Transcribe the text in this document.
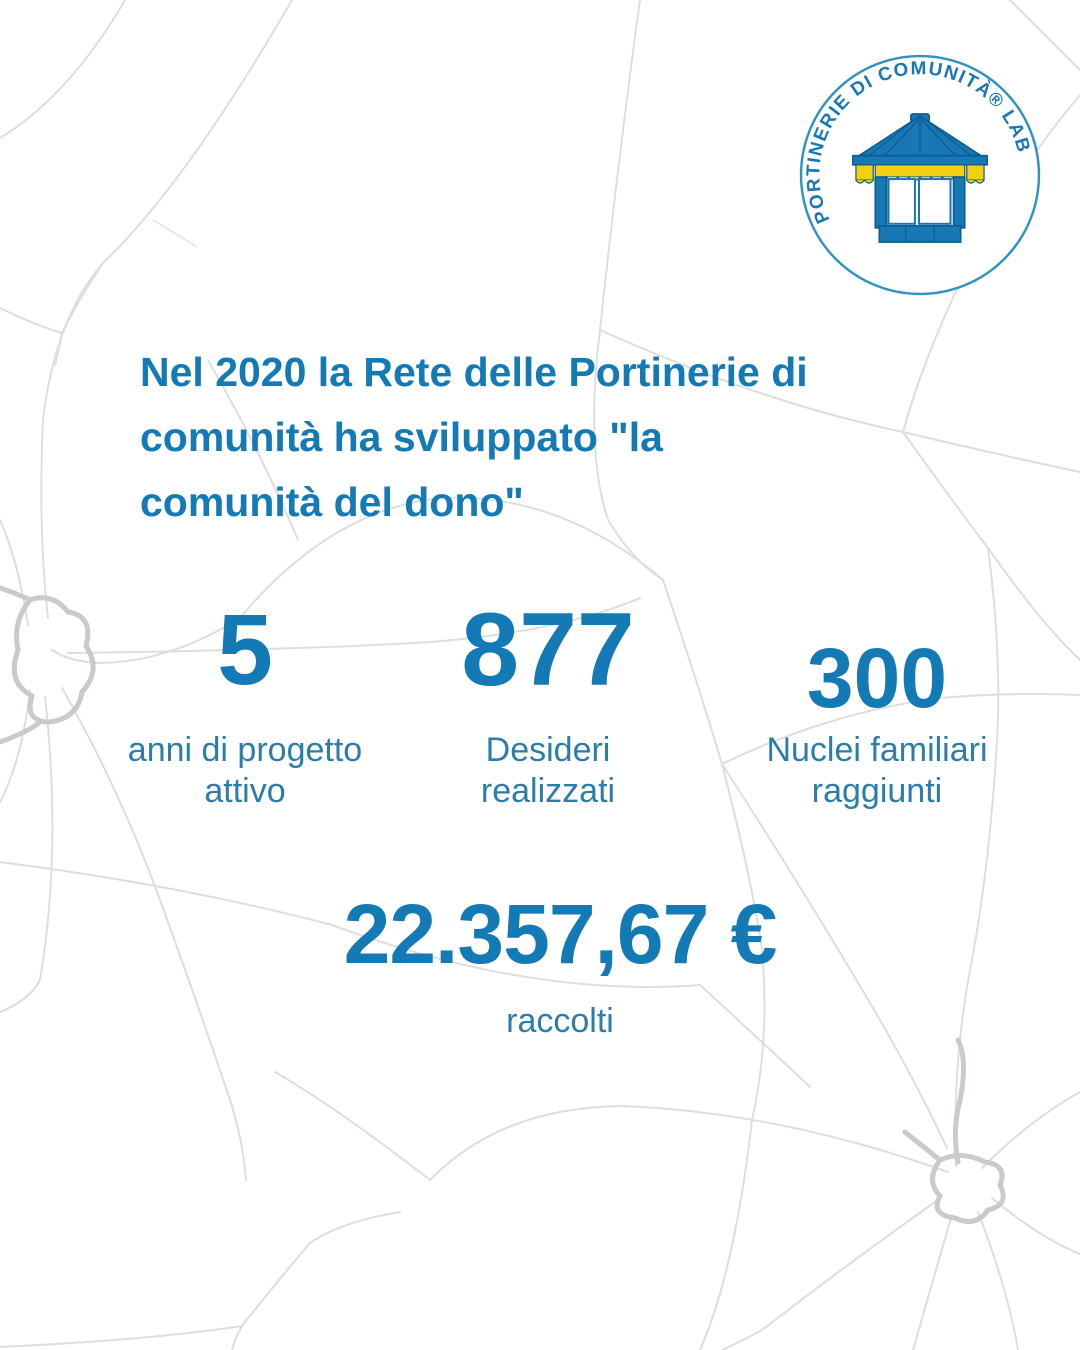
PORTINERIE DI COMUNITÀ® LAB
Nel 2020 la Rete delle Portinerie di
comunità ha sviluppato "la
comunità del dono"
5	877	300
anni di progetto attivo
Desideri realizzati
Nuclei familiari raggiunti
22.357,67 €
raccolti
